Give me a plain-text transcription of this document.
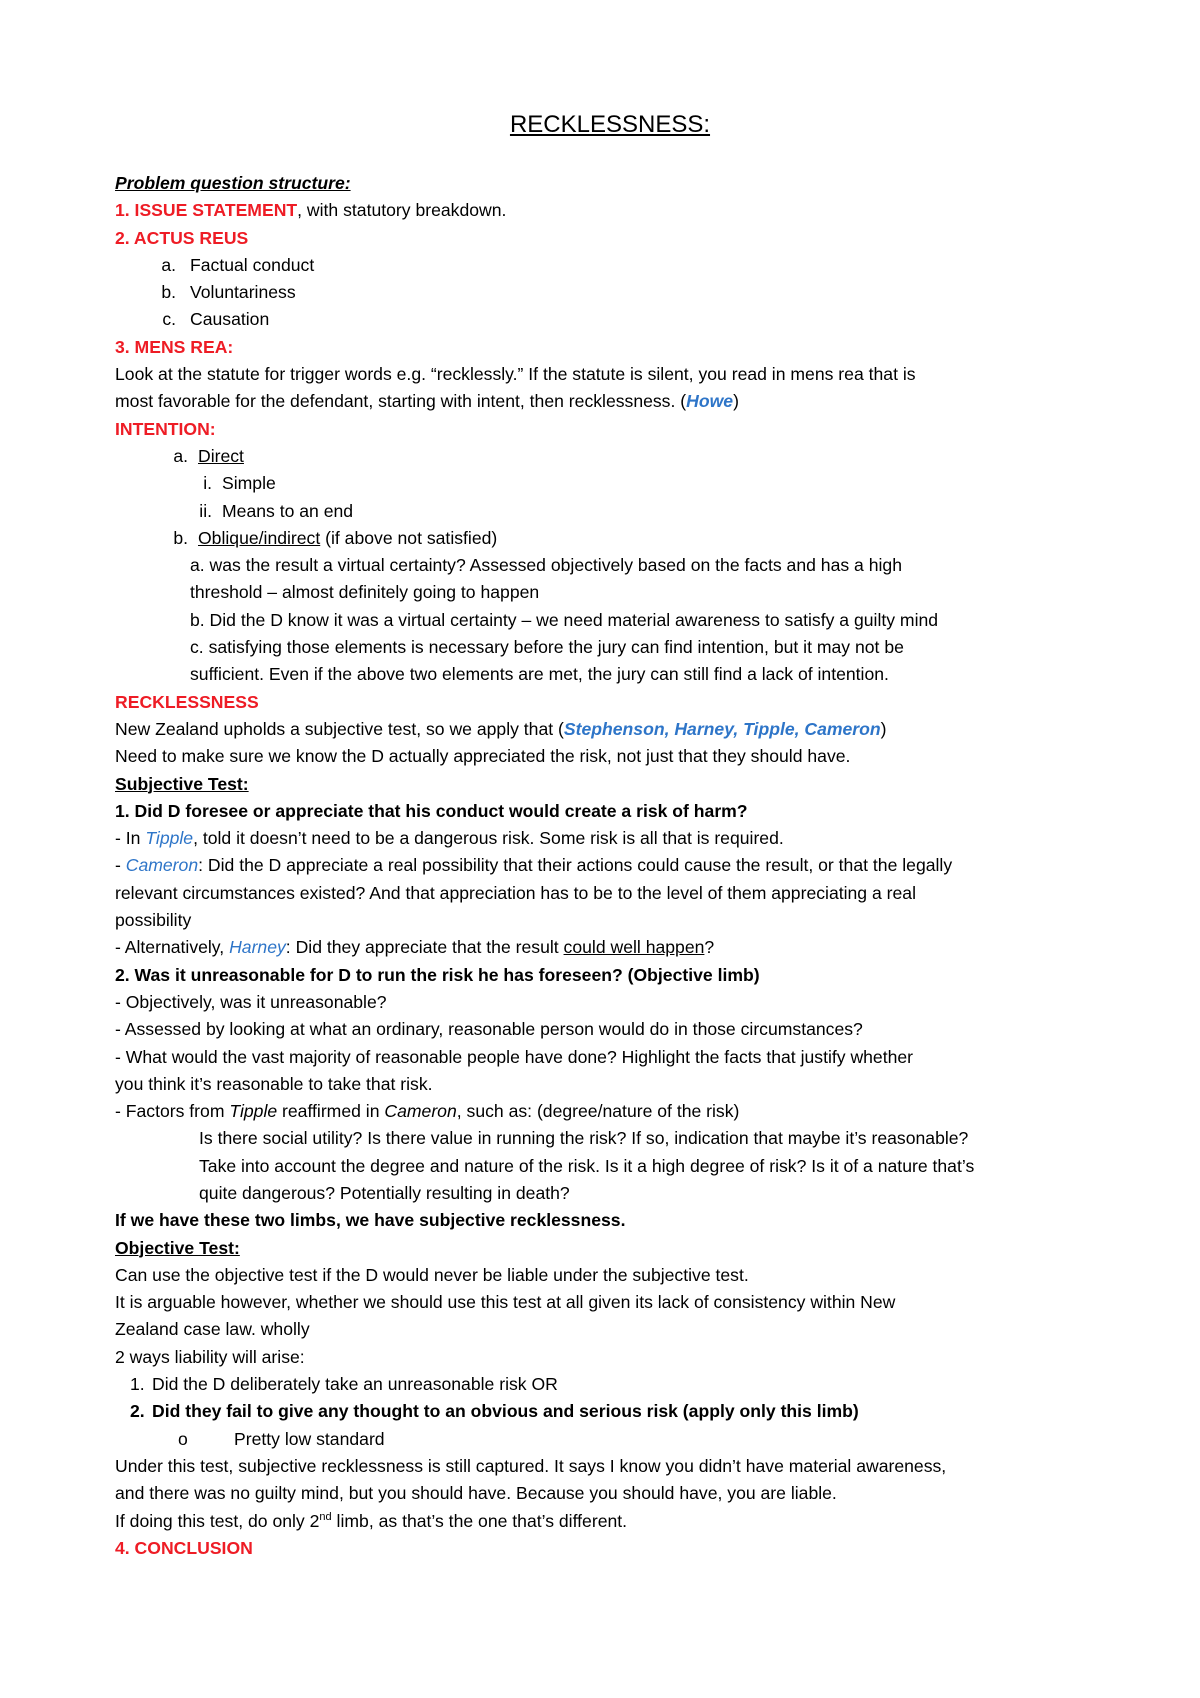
RECKLESSNESS:
Problem question structure:
1. ISSUE STATEMENT, with statutory breakdown.
2. ACTUS REUS
a. Factual conduct
b. Voluntariness
c. Causation
3. MENS REA:
Look at the statute for trigger words e.g. “recklessly.” If the statute is silent, you read in mens rea that is
most favorable for the defendant, starting with intent, then recklessness. (Howe)
INTENTION:
a. Direct
i. Simple
ii. Means to an end
b. Oblique/indirect (if above not satisfied)
a. was the result a virtual certainty? Assessed objectively based on the facts and has a high
threshold – almost definitely going to happen
b. Did the D know it was a virtual certainty – we need material awareness to satisfy a guilty mind
c. satisfying those elements is necessary before the jury can find intention, but it may not be
sufficient. Even if the above two elements are met, the jury can still find a lack of intention.
RECKLESSNESS
New Zealand upholds a subjective test, so we apply that (Stephenson, Harney, Tipple, Cameron)
Need to make sure we know the D actually appreciated the risk, not just that they should have.
Subjective Test:
1. Did D foresee or appreciate that his conduct would create a risk of harm?
- In Tipple, told it doesn’t need to be a dangerous risk. Some risk is all that is required.
- Cameron: Did the D appreciate a real possibility that their actions could cause the result, or that the legally
relevant circumstances existed? And that appreciation has to be to the level of them appreciating a real
possibility
- Alternatively, Harney: Did they appreciate that the result could well happen?
2. Was it unreasonable for D to run the risk he has foreseen? (Objective limb)
- Objectively, was it unreasonable?
- Assessed by looking at what an ordinary, reasonable person would do in those circumstances?
- What would the vast majority of reasonable people have done? Highlight the facts that justify whether
you think it’s reasonable to take that risk.
- Factors from Tipple reaffirmed in Cameron, such as: (degree/nature of the risk)
Is there social utility? Is there value in running the risk? If so, indication that maybe it’s reasonable?
Take into account the degree and nature of the risk. Is it a high degree of risk? Is it of a nature that’s
quite dangerous? Potentially resulting in death?
If we have these two limbs, we have subjective recklessness.
Objective Test:
Can use the objective test if the D would never be liable under the subjective test.
It is arguable however, whether we should use this test at all given its lack of consistency within New
Zealand case law. wholly
2 ways liability will arise:
1. Did the D deliberately take an unreasonable risk OR
2. Did they fail to give any thought to an obvious and serious risk (apply only this limb)
o	Pretty low standard
Under this test, subjective recklessness is still captured. It says I know you didn’t have material awareness,
and there was no guilty mind, but you should have. Because you should have, you are liable.
If doing this test, do only 2nd limb, as that’s the one that’s different.
4. CONCLUSION
